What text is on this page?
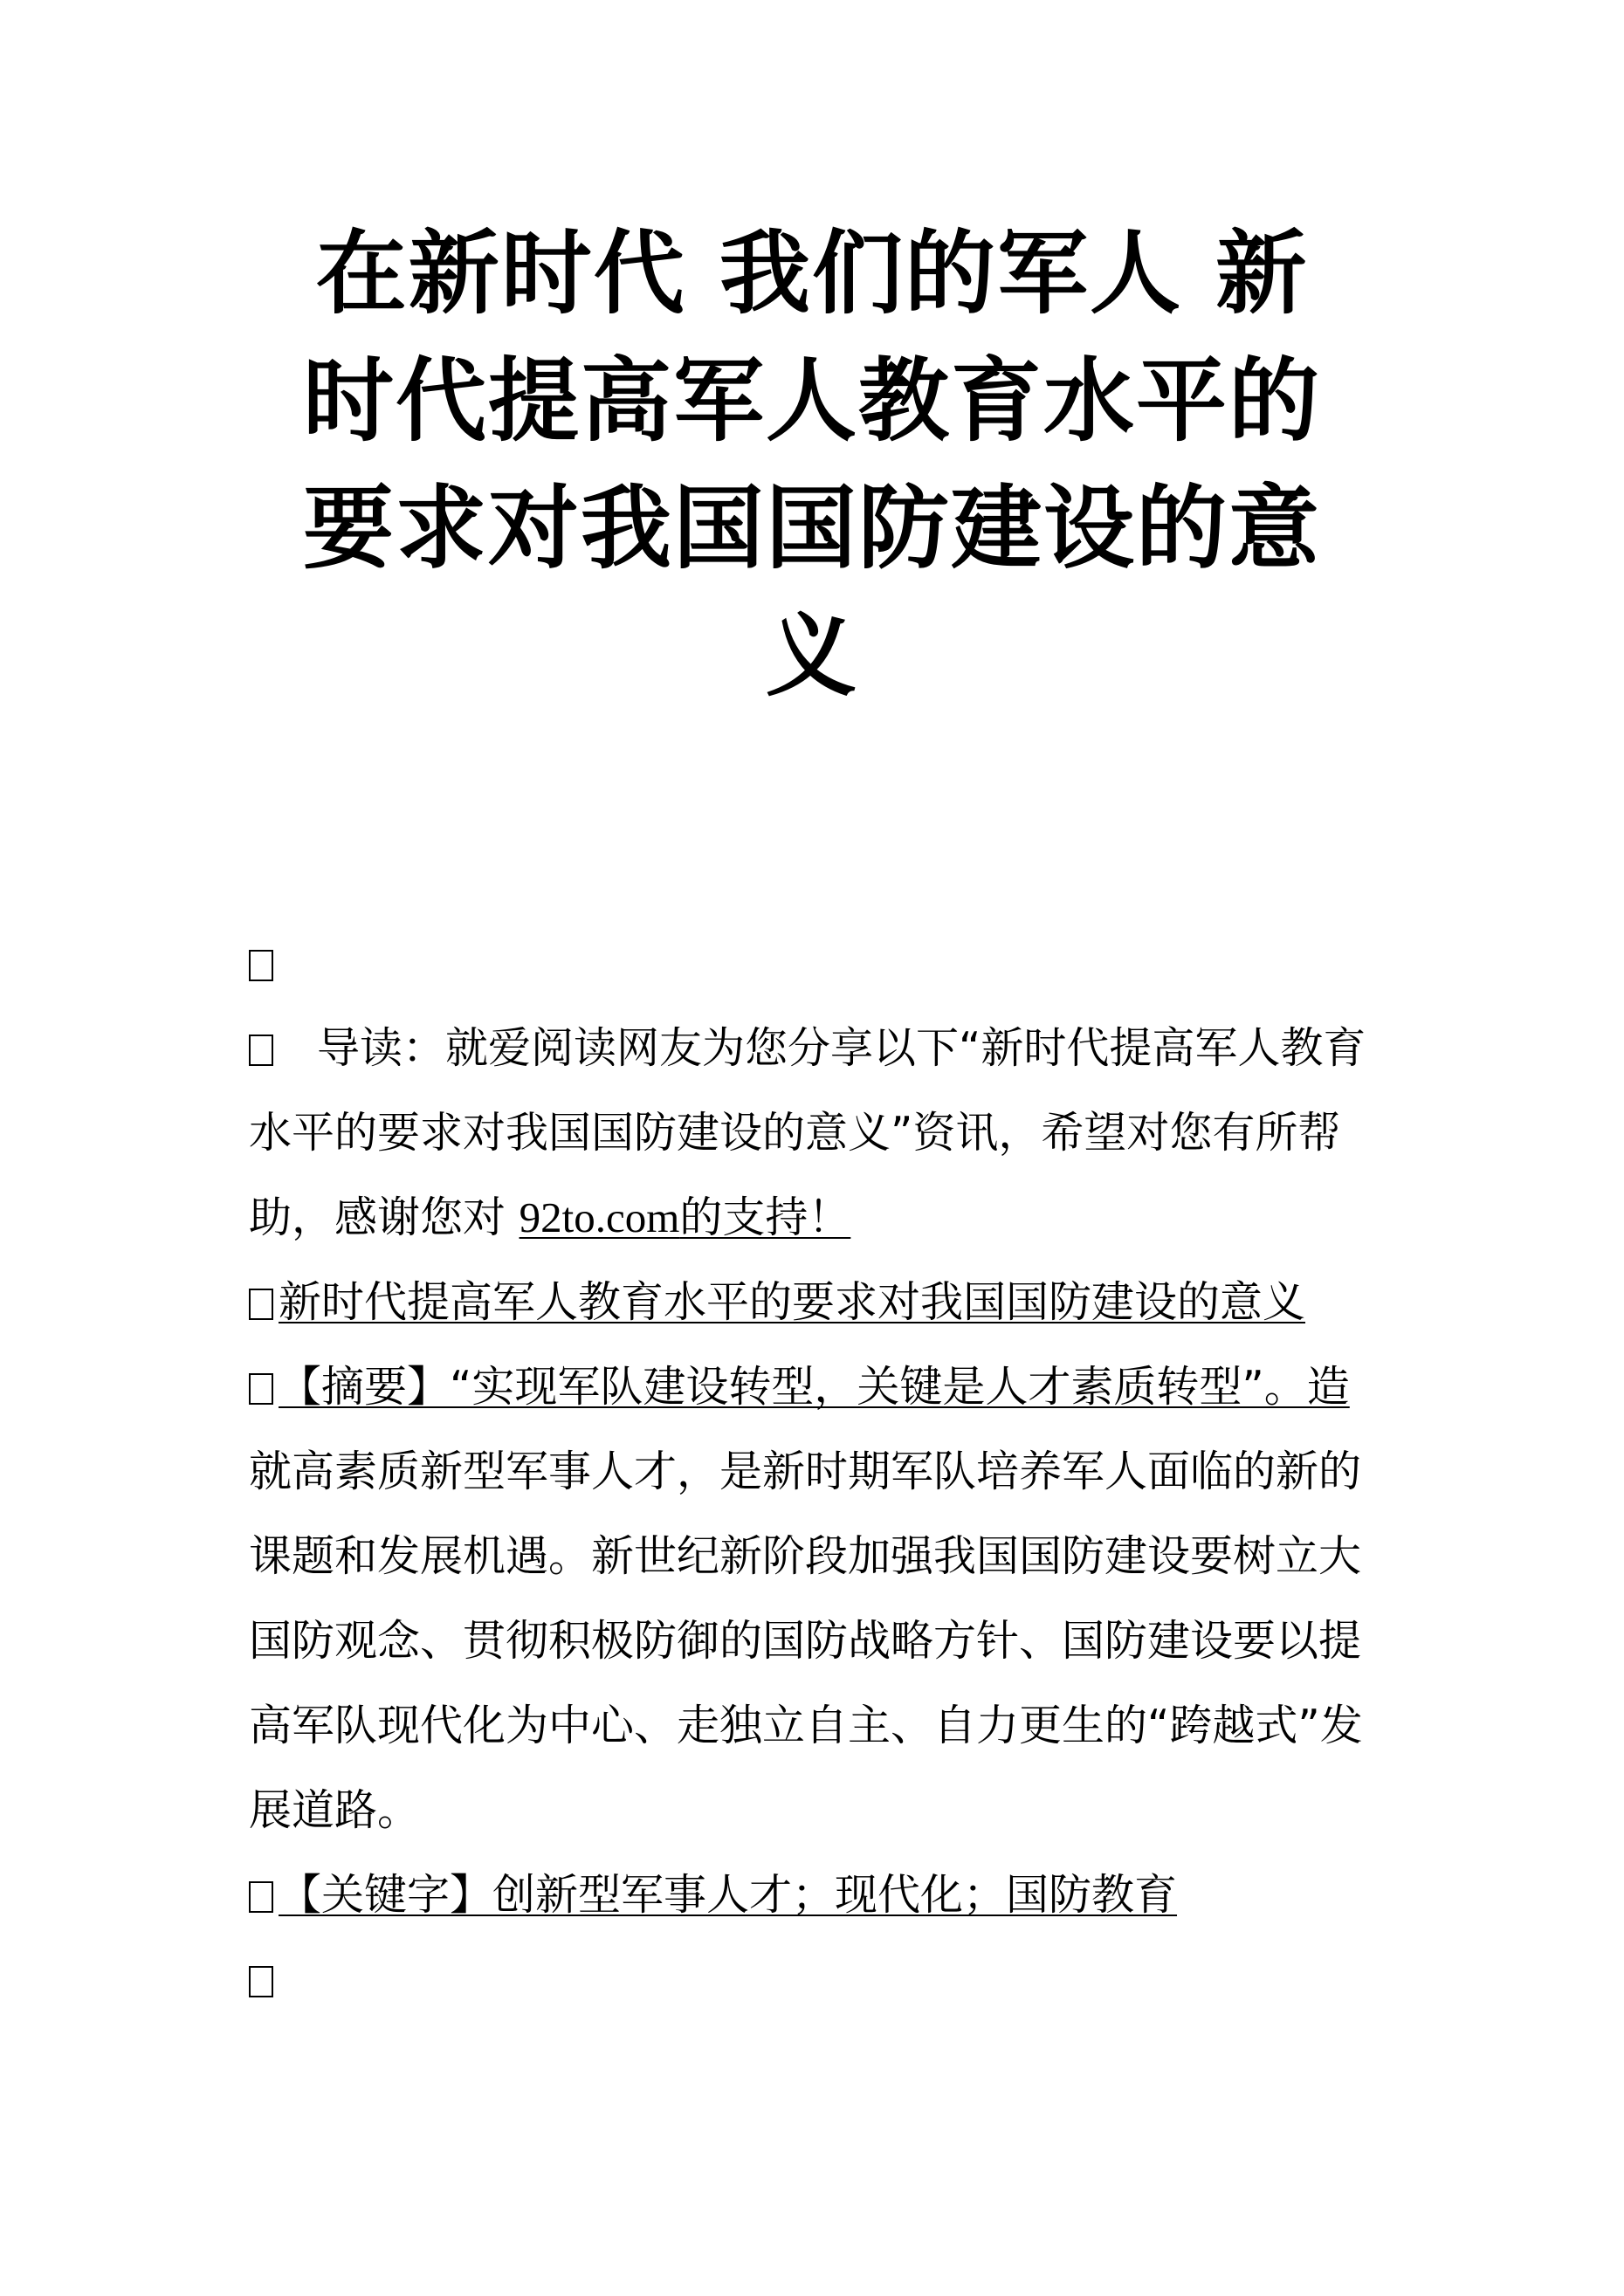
在新时代 我们的军人 新
时代提高军人教育水平的
要求对我国国防建设的意
义
导读：就爱阅读网友为您分享以下“新时代提高军人教育
水平的要求对我国国防建设的意义”资讯，希望对您有所帮
助，感谢您对 92to.com的支持！
新时代提高军人教育水平的要求对我国国防建设的意义
【摘要】“实现军队建设转型，关键是人才素质转型”。造
就高素质新型军事人才，是新时期军队培养军人面临的新的
课题和发展机遇。新世纪新阶段加强我国国防建设要树立大
国防观念、贯彻积极防御的国防战略方针、国防建设要以提
高军队现代化为中心、走独立自主、自力更生的“跨越式”发
展道路。
【关键字】创新型军事人才；现代化；国防教育
